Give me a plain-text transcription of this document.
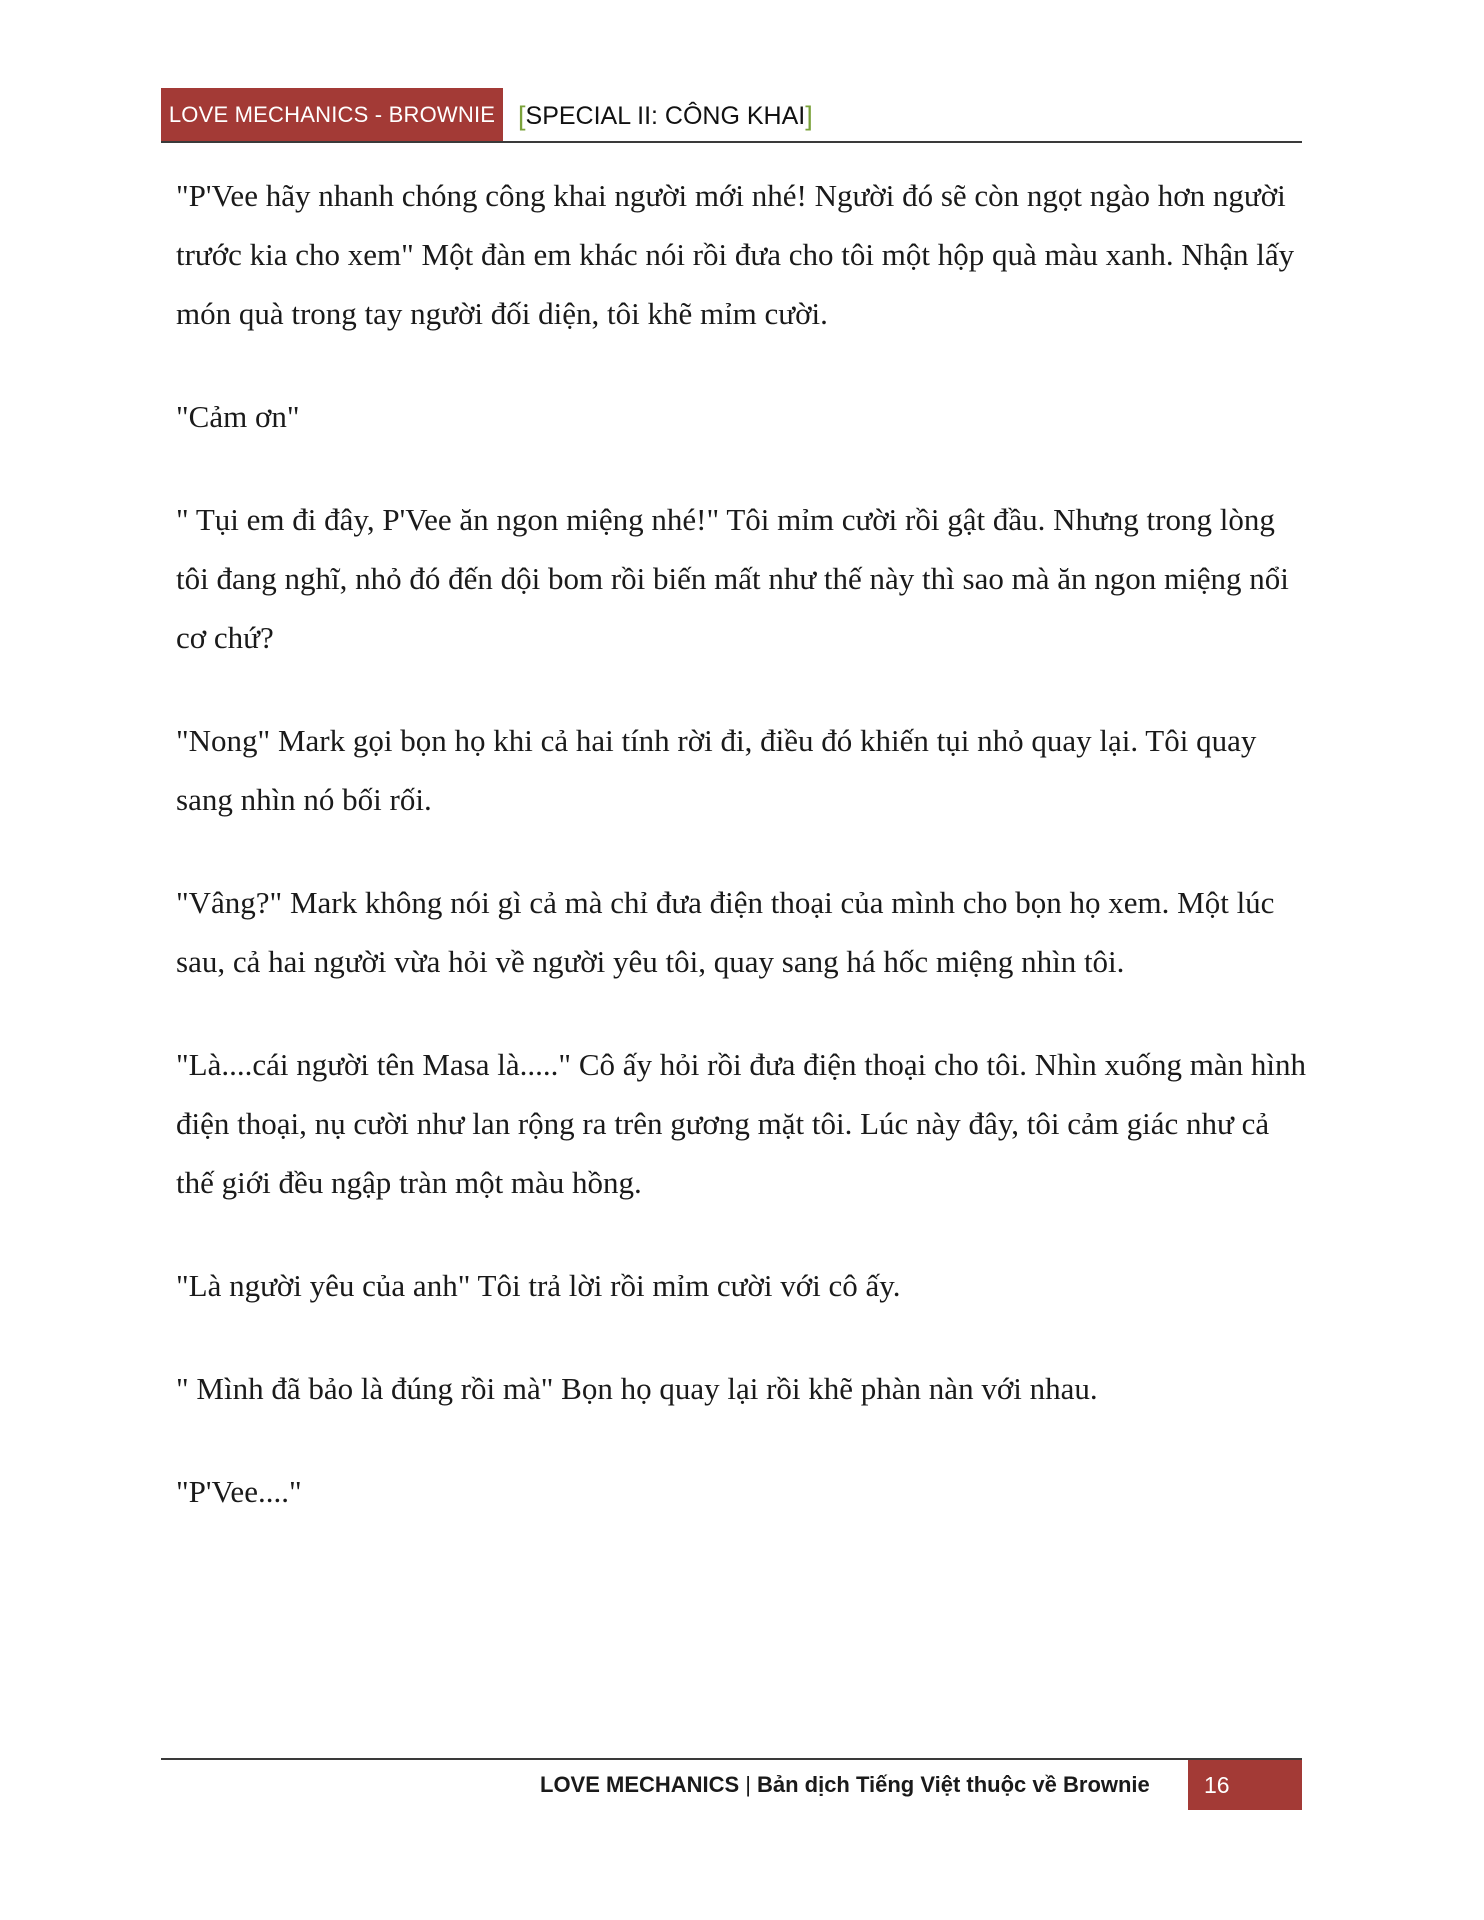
LOVE MECHANICS - BROWNIE [ SPECIAL II: CÔNG KHAI ]

"P'Vee hãy nhanh chóng công khai người mới nhé! Người đó sẽ còn ngọt ngào hơn người trước kia cho xem" Một đàn em khác nói rồi đưa cho tôi một hộp quà màu xanh. Nhận lấy món quà trong tay người đối diện, tôi khẽ mỉm cười.

"Cảm ơn"

" Tụi em đi đây, P'Vee ăn ngon miệng nhé!" Tôi mỉm cười rồi gật đầu. Nhưng trong lòng tôi đang nghĩ, nhỏ đó đến dội bom rồi biến mất như thế này thì sao mà ăn ngon miệng nổi cơ chứ?

"Nong" Mark gọi bọn họ khi cả hai tính rời đi, điều đó khiến tụi nhỏ quay lại. Tôi quay sang nhìn nó bối rối.

"Vâng?" Mark không nói gì cả mà chỉ đưa điện thoại của mình cho bọn họ xem. Một lúc sau, cả hai người vừa hỏi về người yêu tôi, quay sang há hốc miệng nhìn tôi.

"Là....cái người tên Masa là....." Cô ấy hỏi rồi đưa điện thoại cho tôi. Nhìn xuống màn hình điện thoại, nụ cười như lan rộng ra trên gương mặt tôi. Lúc này đây, tôi cảm giác như cả thế giới đều ngập tràn một màu hồng.

"Là người yêu của anh" Tôi trả lời rồi mỉm cười với cô ấy.

" Mình đã bảo là đúng rồi mà" Bọn họ quay lại rồi khẽ phàn nàn với nhau.

"P'Vee...."

LOVE MECHANICS | Bản dịch Tiếng Việt thuộc về Brownie 16
